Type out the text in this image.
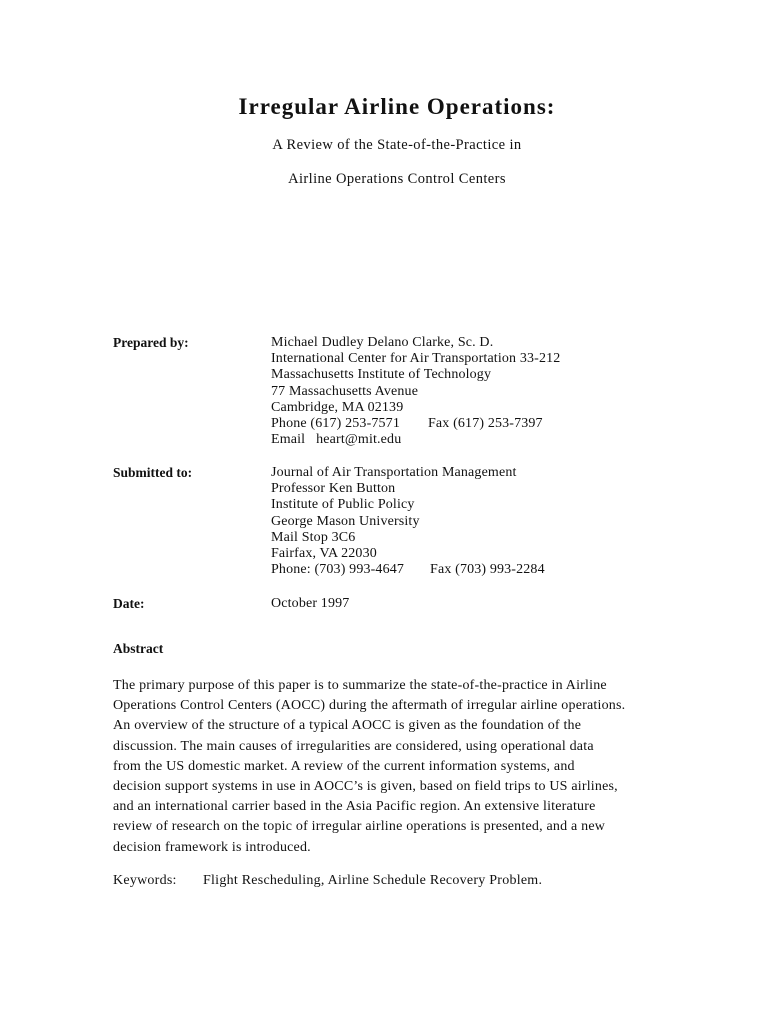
Irregular Airline Operations:

A Review of the State-of-the-Practice in

Airline Operations Control Centers

Prepared by:	Michael Dudley Delano Clarke, Sc. D.
International Center for Air Transportation 33-212
Massachusetts Institute of Technology
77 Massachusetts Avenue
Cambridge, MA 02139
Phone (617) 253-7571 Fax (617) 253-7397
Email heart@mit.edu

Submitted to:	Journal of Air Transportation Management
Professor Ken Button
Institute of Public Policy
George Mason University
Mail Stop 3C6
Fairfax, VA 22030
Phone: (703) 993-4647 Fax (703) 993-2284

Date:	October 1997

Abstract

The primary purpose of this paper is to summarize the state-of-the-practice in Airline
Operations Control Centers (AOCC) during the aftermath of irregular airline operations.
An overview of the structure of a typical AOCC is given as the foundation of the
discussion. The main causes of irregularities are considered, using operational data
from the US domestic market. A review of the current information systems, and
decision support systems in use in AOCC’s is given, based on field trips to US airlines,
and an international carrier based in the Asia Pacific region. An extensive literature
review of research on the topic of irregular airline operations is presented, and a new
decision framework is introduced.
Keywords: Flight Rescheduling, Airline Schedule Recovery Problem.
